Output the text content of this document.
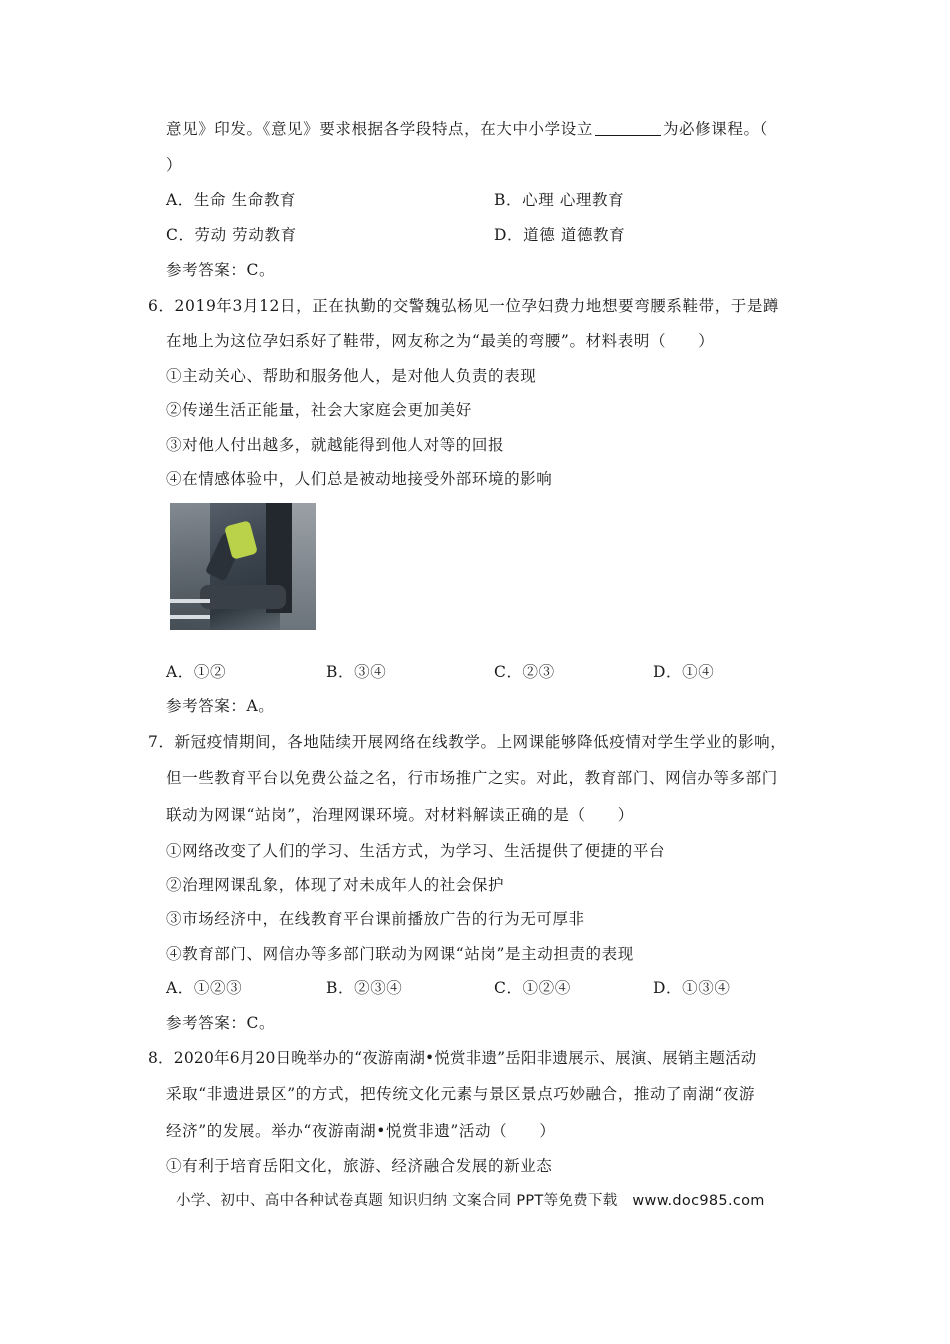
意见》印发。《意见》要求根据各学段特点，在大中小学设立	为必修课程。（
）
A．生命 生命教育	B．心理 心理教育
C．劳动 劳动教育	D．道德 道德教育
参考答案：C。
6．2019年3月12日，正在执勤的交警魏弘杨见一位孕妇费力地想要弯腰系鞋带，于是蹲
在地上为这位孕妇系好了鞋带，网友称之为“最美的弯腰”。材料表明（　　）
①主动关心、帮助和服务他人，是对他人负责的表现
②传递生活正能量，社会大家庭会更加美好
③对他人付出越多，就越能得到他人对等的回报
④在情感体验中，人们总是被动地接受外部环境的影响
A．①②	B．③④	C．②③	D．①④
参考答案：A。
7．新冠疫情期间，各地陆续开展网络在线教学。上网课能够降低疫情对学生学业的影响，
但一些教育平台以免费公益之名，行市场推广之实。对此，教育部门、网信办等多部门
联动为网课“站岗”，治理网课环境。对材料解读正确的是（　　）
①网络改变了人们的学习、生活方式，为学习、生活提供了便捷的平台
②治理网课乱象，体现了对未成年人的社会保护
③市场经济中，在线教育平台课前播放广告的行为无可厚非
④教育部门、网信办等多部门联动为网课“站岗”是主动担责的表现
A．①②③	B．②③④	C．①②④	D．①③④
参考答案：C。
8．2020年6月20日晚举办的“夜游南湖•悦赏非遗”岳阳非遗展示、展演、展销主题活动
采取“非遗进景区”的方式，把传统文化元素与景区景点巧妙融合，推动了南湖“夜游
经济”的发展。举办“夜游南湖•悦赏非遗”活动（　　）
①有利于培育岳阳文化，旅游、经济融合发展的新业态
小学、初中、高中各种试卷真题 知识归纳 文案合同 PPT等免费下载　www.doc985.com
